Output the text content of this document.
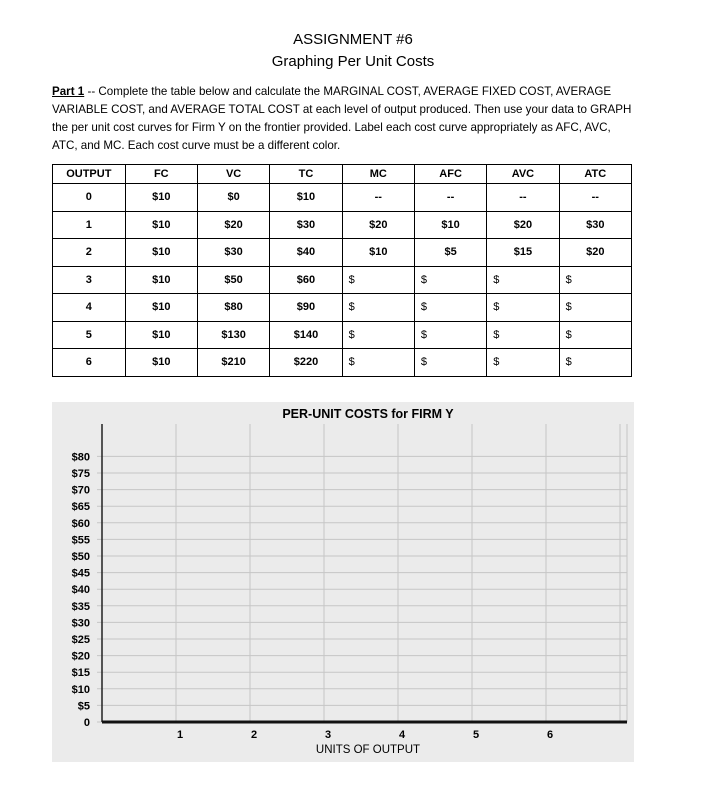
ASSIGNMENT #6
Graphing Per Unit Costs
Part 1 -- Complete the table below and calculate the MARGINAL COST, AVERAGE FIXED COST, AVERAGE VARIABLE COST, and AVERAGE TOTAL COST at each level of output produced. Then use your data to GRAPH the per unit cost curves for Firm Y on the frontier provided. Label each cost curve appropriately as AFC, AVC, ATC, and MC. Each cost curve must be a different color.
OUTPUT	FC	VC	TC	MC	AFC	AVC	ATC
0	$10	$0	$10	--	--	--	--
1	$10	$20	$30	$20	$10	$20	$30
2	$10	$30	$40	$10	$5	$15	$20
3	$10	$50	$60	$	$	$	$
4	$10	$80	$90	$	$	$	$
5	$10	$130	$140	$	$	$	$
6	$10	$210	$220	$	$	$	$
PER-UNIT COSTS for FIRM Y
0
$5
$10
$15
$20
$25
$30
$35
$40
$45
$50
$55
$60
$65
$70
$75
$80
1	2	3	4	5	6
UNITS OF OUTPUT
